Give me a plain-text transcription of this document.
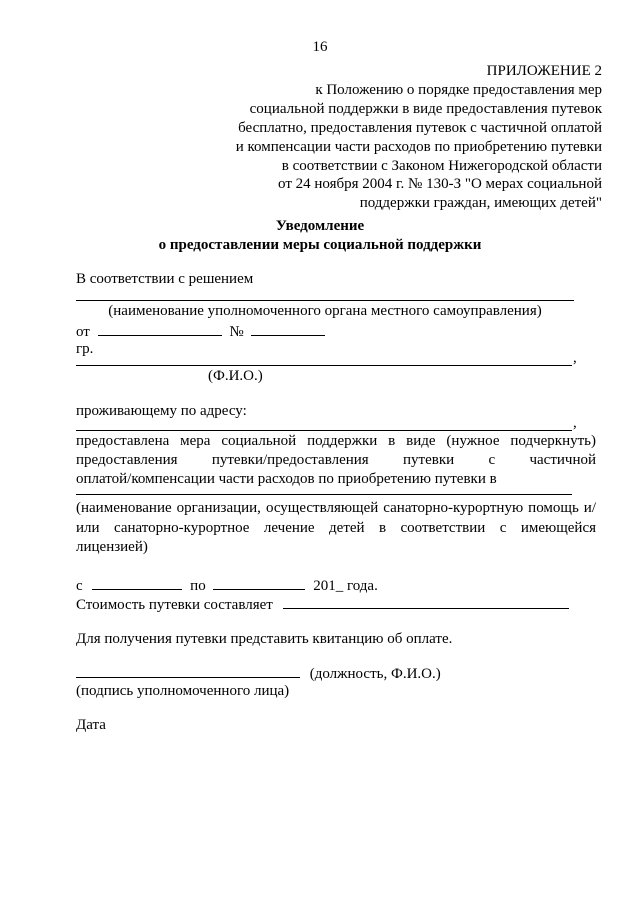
16
ПРИЛОЖЕНИЕ 2
к Положению о порядке предоставления мер
социальной поддержки в виде предоставления путевок
бесплатно, предоставления путевок с частичной оплатой
и компенсации части расходов по приобретению путевки
в соответствии с Законом Нижегородской области
от 24 ноября 2004 г. № 130-З "О мерах социальной
поддержки граждан, имеющих детей"
Уведомление
о предоставлении меры социальной поддержки
В соответствии с решением
(наименование уполномоченного органа местного самоуправления)
от	№
гр.
,
(Ф.И.О.)
проживающему по адресу:
,
предоставлена мера социальной поддержки в виде (нужное подчеркнуть)
предоставления путевки/предоставления путевки с частичной
оплатой/компенсации части расходов по приобретению путевки в
(наименование организации, осуществляющей санаторно-курортную помощь и/или санаторно-курортное лечение детей в соответствии с имеющейся лицензией)
с	по	201_ года.
Стоимость путевки составляет
Для получения путевки представить квитанцию об оплате.
(должность, Ф.И.О.)
(подпись уполномоченного лица)
Дата
